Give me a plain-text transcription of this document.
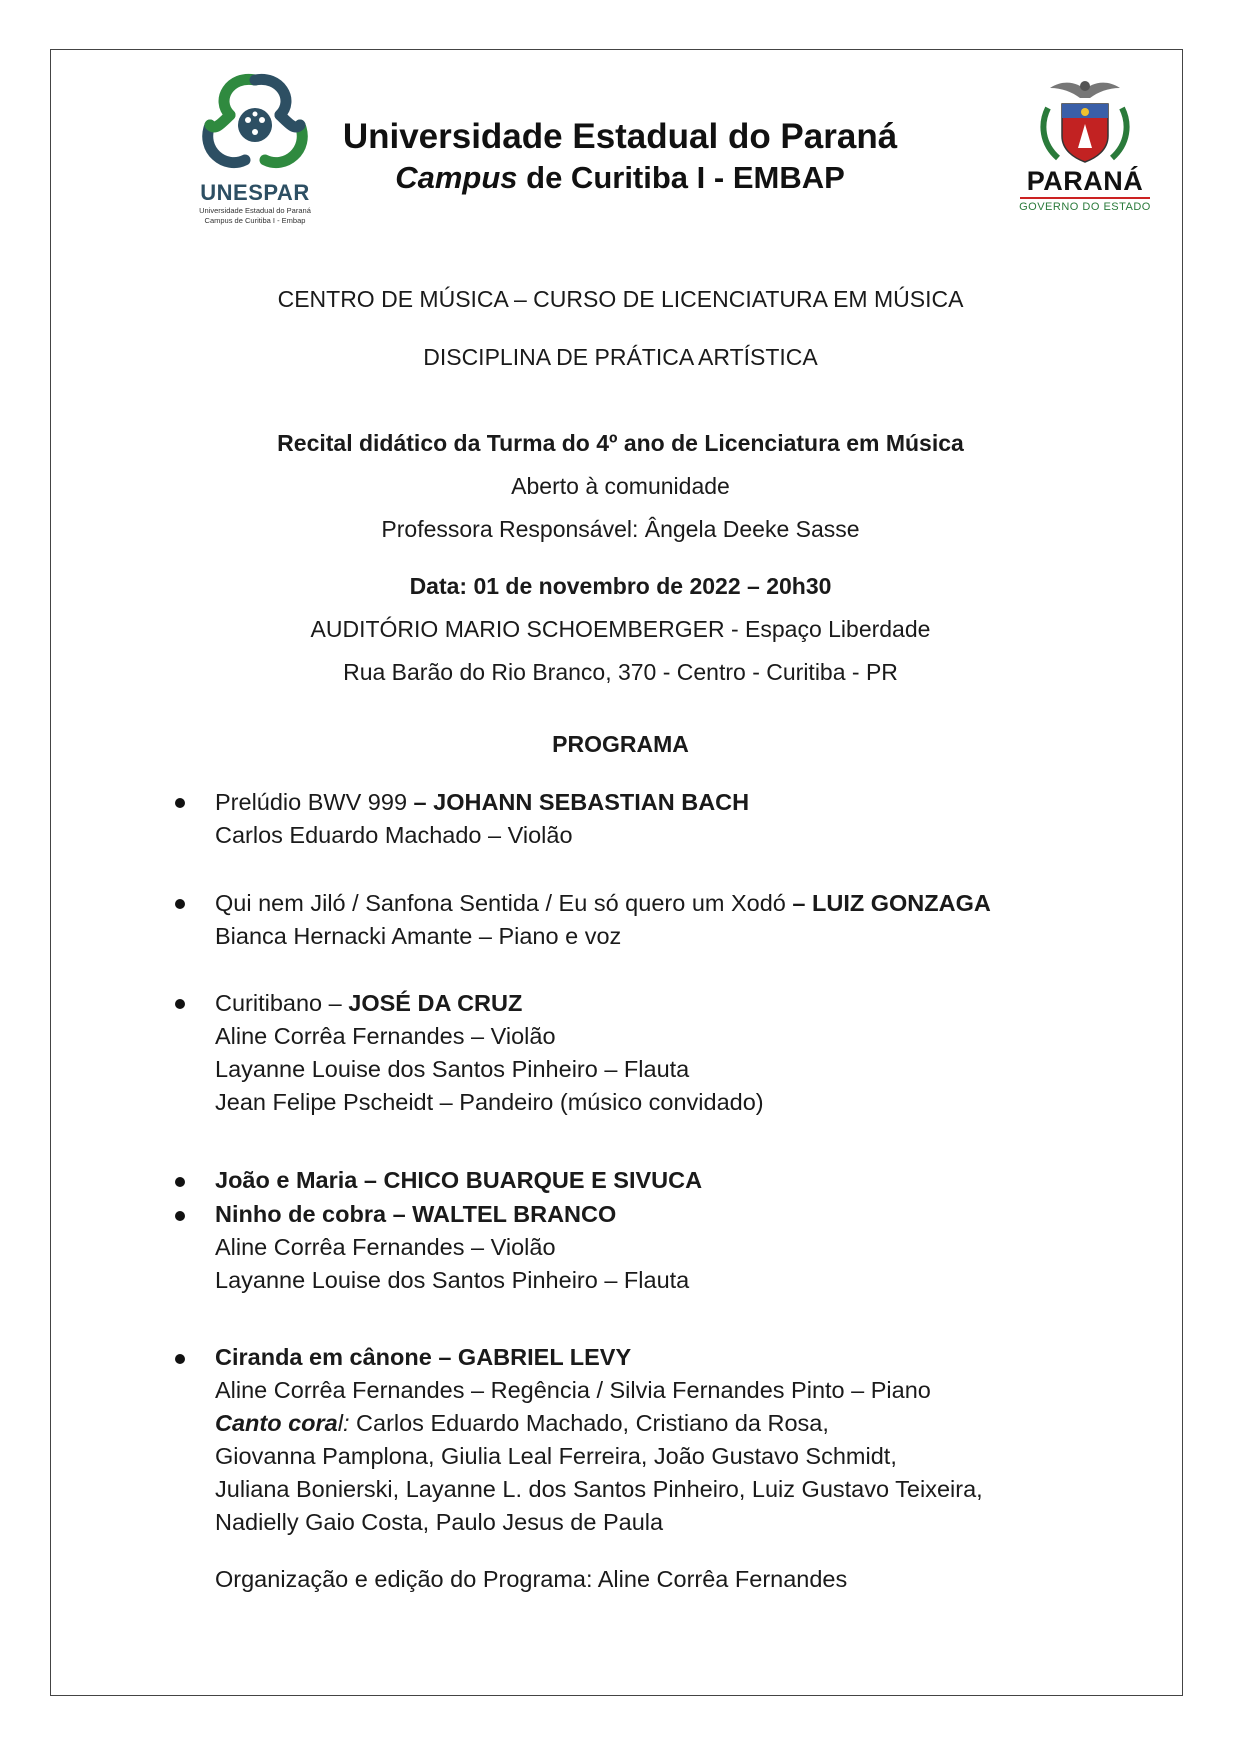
UNESPAR
Universidade Estadual do Paraná
Campus de Curitiba I - Embap
Universidade Estadual do Paraná
Campus de Curitiba I - EMBAP	PARANÁ
GOVERNO DO ESTADO
CENTRO DE MÚSICA – CURSO DE LICENCIATURA EM MÚSICA
DISCIPLINA DE PRÁTICA ARTÍSTICA
Recital didático da Turma do 4º ano de Licenciatura em Música
Aberto à comunidade
Professora Responsável: Ângela Deeke Sasse
Data: 01 de novembro de 2022 – 20h30
AUDITÓRIO MARIO SCHOEMBERGER - Espaço Liberdade
Rua Barão do Rio Branco, 370 - Centro - Curitiba - PR
PROGRAMA
Prelúdio BWV 999 – JOHANN SEBASTIAN BACH
Carlos Eduardo Machado – Violão
Qui nem Jiló / Sanfona Sentida / Eu só quero um Xodó – LUIZ GONZAGA
Bianca Hernacki Amante – Piano e voz
Curitibano – JOSÉ DA CRUZ
Aline Corrêa Fernandes – Violão
Layanne Louise dos Santos Pinheiro – Flauta
Jean Felipe Pscheidt – Pandeiro (músico convidado)
João e Maria – CHICO BUARQUE E SIVUCA
Ninho de cobra – WALTEL BRANCO
Aline Corrêa Fernandes – Violão
Layanne Louise dos Santos Pinheiro – Flauta
Ciranda em cânone – GABRIEL LEVY
Aline Corrêa Fernandes – Regência / Silvia Fernandes Pinto – Piano
Canto coral: Carlos Eduardo Machado, Cristiano da Rosa,
Giovanna Pamplona, Giulia Leal Ferreira, João Gustavo Schmidt,
Juliana Bonierski, Layanne L. dos Santos Pinheiro, Luiz Gustavo Teixeira,
Nadielly Gaio Costa, Paulo Jesus de Paula
Organização e edição do Programa: Aline Corrêa Fernandes
